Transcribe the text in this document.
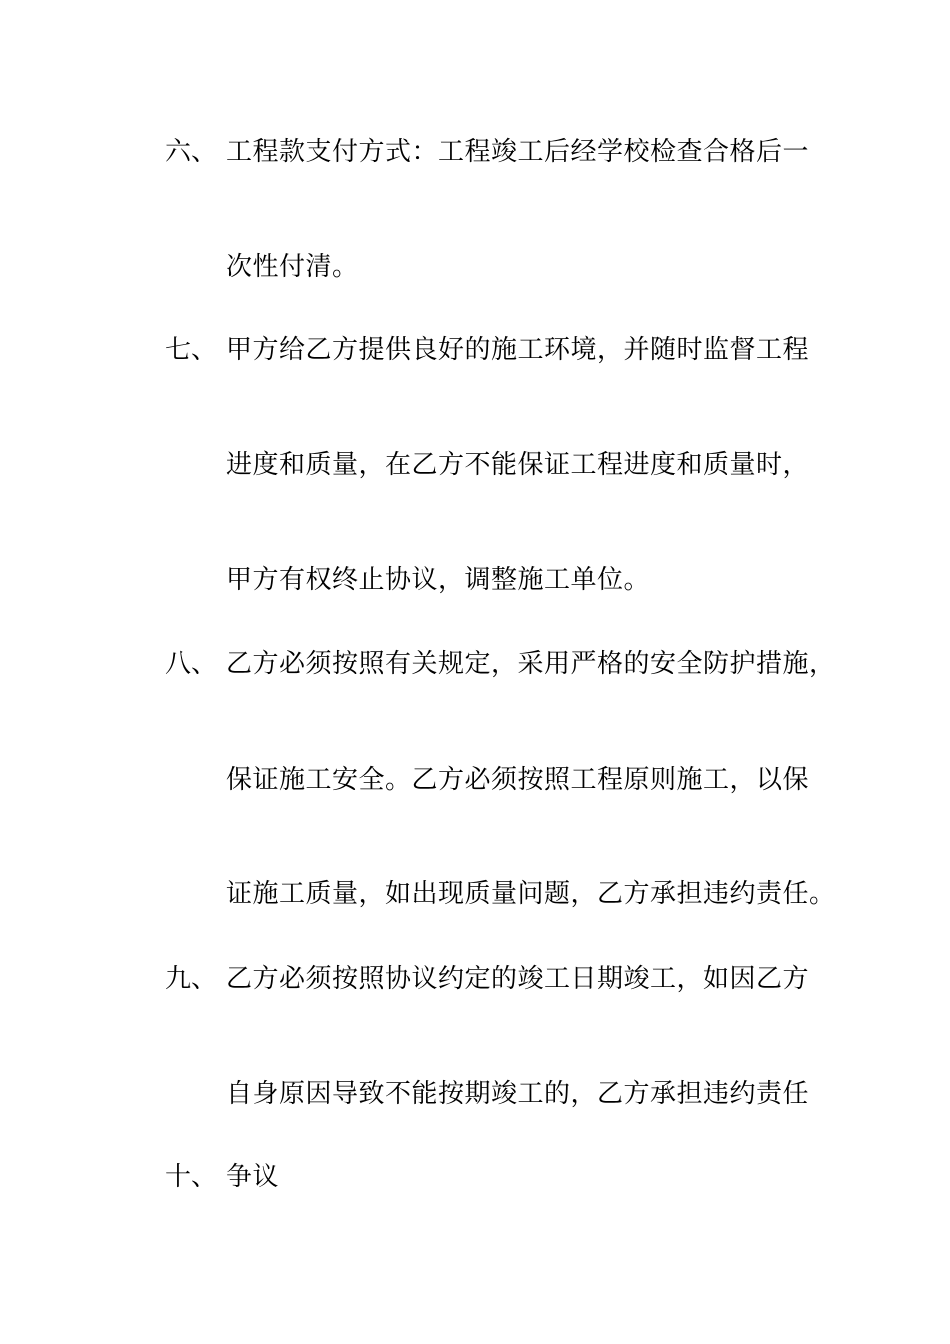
六、 工程款支付方式：工程竣工后经学校检查合格后一
次性付清。
七、 甲方给乙方提供良好的施工环境，并随时监督工程
进度和质量，在乙方不能保证工程进度和质量时，
甲方有权终止协议，调整施工单位。
八、 乙方必须按照有关规定，采用严格的安全防护措施，
保证施工安全。乙方必须按照工程原则施工，以保
证施工质量，如出现质量问题，乙方承担违约责任。
九、 乙方必须按照协议约定的竣工日期竣工，如因乙方
自身原因导致不能按期竣工的，乙方承担违约责任
十、 争议
